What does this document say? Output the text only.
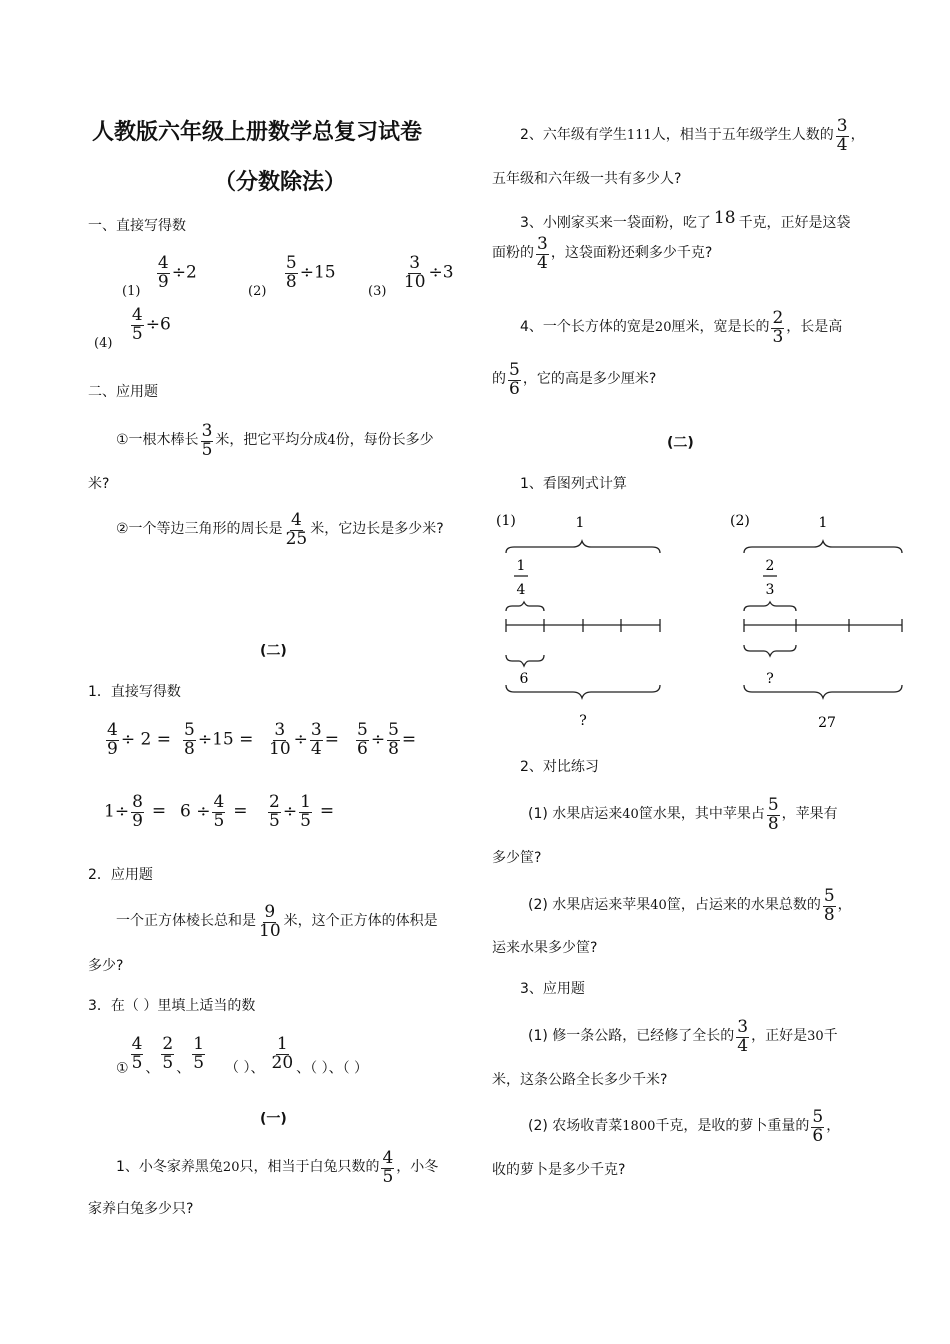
人教版六年级上册数学总复习试卷
（分数除法）
一、直接写得数
(1)
$\frac{4}{9} \div 2$
(2)
$\frac{5}{8} \div 15$
(3)
$\frac{3}{10} \div 3$
(4)
$\frac{4}{5} \div 6$
二、应用题
①一根木棒长 $\frac{3}{5}$ 米，把它平均分成4份，每份长多少
米?
②一个等边三角形的周长是 $\frac{4}{25}$ 米，它边长是多少米?
(二)
1．直接写得数
$\frac{4}{9} \div 2 = \frac{5}{8} \div 15 = \frac{3}{10} \div \frac{3}{4} = \frac{5}{6} \div \frac{5}{8}$ =
$1\div \frac{8}{9} = 6 \div \frac{4}{5} = \frac{2}{5} \div \frac{1}{5}$ =
2．应用题
一个正方体棱长总和是 $\frac{9}{10}$ 米，这个正方体的体积是
多少?
3．在（ ）里填上适当的数
① $\frac{4}{5}$ 、 $\frac{2}{5}$ 、 $\frac{1}{5}$ （ ）、 $\frac{1}{20}$ 、（ ）、（ ）
(一)
1、小冬家养黑兔20只，相当于白兔只数的 $\frac{4}{5}$ ，小冬
家养白兔多少只?
2、六年级有学生111人，相当于五年级学生人数的 $\frac{3}{4}$ ，
五年级和六年级一共有多少人?
3、小刚家买来一袋面粉，吃了 18 千克，正好是这袋
面粉的 $\frac{3}{4}$ ，这袋面粉还剩多少千克?
4、一个长方体的宽是20厘米，宽是长的 $\frac{2}{3}$ ，长是高
的 $\frac{5}{6}$ ，它的高是多少厘米?
(二)
1、看图列式计算
(1)	1
1
4
6
?
(2)	1
2
3
?
27
2、对比练习
(1) 水果店运来40筐水果，其中苹果占 $\frac{5}{8}$ ，苹果有
多少筐?
(2) 水果店运来苹果40筐，占运来的水果总数的 $\frac{5}{8}$ ，
运来水果多少筐?
3、应用题
(1) 修一条公路，已经修了全长的 $\frac{3}{4}$ ，正好是30千
米，这条公路全长多少千米?
(2) 农场收青菜1800千克，是收的萝卜重量的 $\frac{5}{6}$ ，
收的萝卜是多少千克?
